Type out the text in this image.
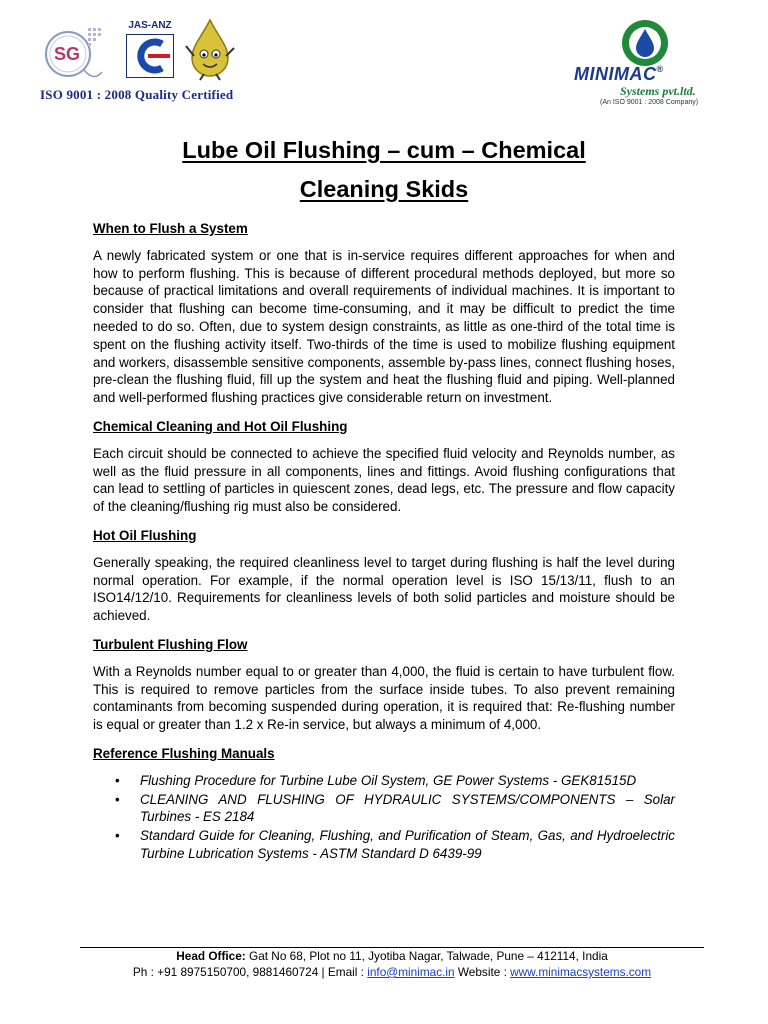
SG
JAS-ANZ
ISO 9001 : 2008 Quality Certified
MINIMAC®
Systems pvt.ltd.
(An ISO 9001 : 2008 Company)
Lube Oil Flushing – cum – Chemical
Cleaning Skids

When to Flush a System

A newly fabricated system or one that is in-service requires different approaches for when and how to perform flushing. This is because of different procedural methods deployed, but more so because of practical limitations and overall requirements of individual machines. It is important to consider that flushing can become time-consuming, and it may be difficult to predict the time needed to do so. Often, due to system design constraints, as little as one-third of the total time is spent on the flushing activity itself. Two-thirds of the time is used to mobilize flushing equipment and workers, disassemble sensitive components, assemble by-pass lines, connect flushing hoses, pre-clean the flushing fluid, fill up the system and heat the flushing fluid and piping. Well-planned and well-performed flushing practices give considerable return on investment.

Chemical Cleaning and Hot Oil Flushing

Each circuit should be connected to achieve the specified fluid velocity and Reynolds number, as well as the fluid pressure in all components, lines and fittings. Avoid flushing configurations that can lead to settling of particles in quiescent zones, dead legs, etc. The pressure and flow capacity of the cleaning/flushing rig must also be considered.

Hot Oil Flushing

Generally speaking, the required cleanliness level to target during flushing is half the level during normal operation. For example, if the normal operation level is ISO 15/13/11, flush to an ISO14/12/10. Requirements for cleanliness levels of both solid particles and moisture should be achieved.

Turbulent Flushing Flow

With a Reynolds number equal to or greater than 4,000, the fluid is certain to have turbulent flow. This is required to remove particles from the surface inside tubes. To also prevent remaining contaminants from becoming suspended during operation, it is required that: Re-flushing number is equal or greater than 1.2 x Re-in service, but always a minimum of 4,000.

Reference Flushing Manuals

• Flushing Procedure for Turbine Lube Oil System, GE Power Systems - GEK81515D
• CLEANING AND FLUSHING OF HYDRAULIC SYSTEMS/COMPONENTS – Solar Turbines - ES 2184
• Standard Guide for Cleaning, Flushing, and Purification of Steam, Gas, and Hydroelectric Turbine Lubrication Systems - ASTM Standard D 6439-99
Head Office: Gat No 68, Plot no 11, Jyotiba Nagar, Talwade, Pune – 412114, India
Ph : +91 8975150700, 9881460724 | Email : info@minimac.in Website : www.minimacsystems.com
